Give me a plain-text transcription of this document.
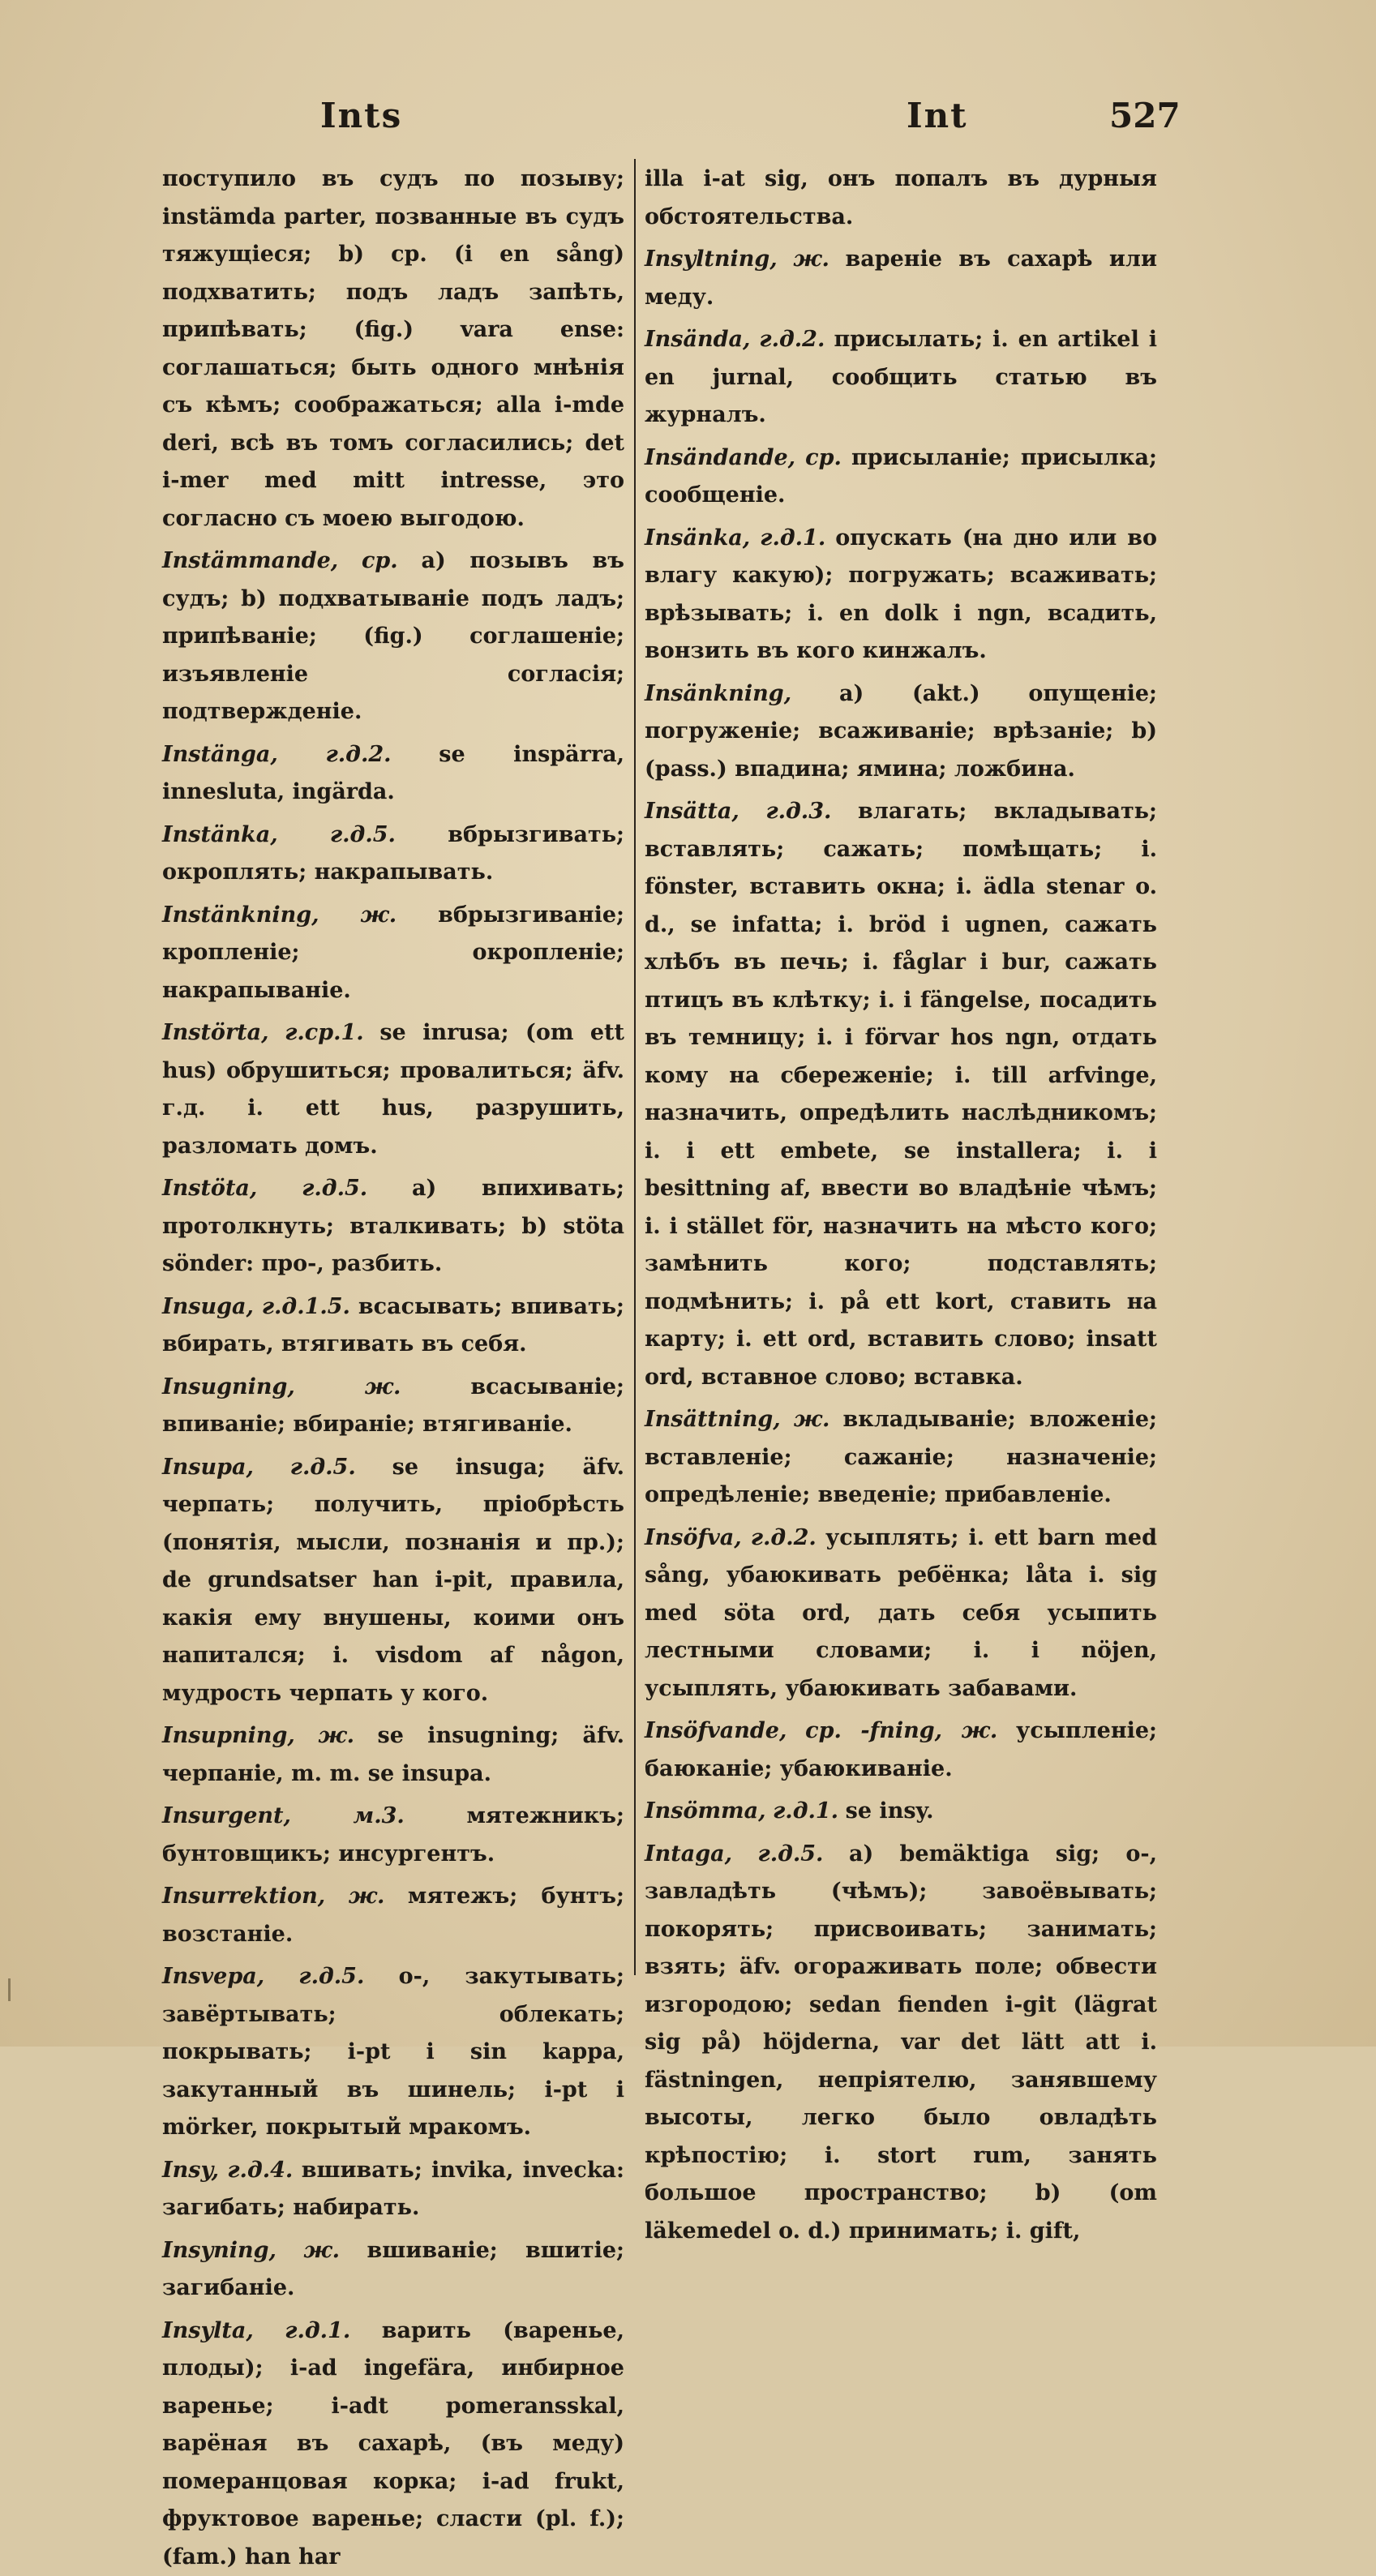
Ints	Int	527
поступило въ судъ по позыву; instämda parter, позванные въ судъ тяжущіеся; b) ср. (i en sång) подхватить; подъ ладъ запѣть, припѣвать; (fig.) vara ense: соглашаться; быть одного мнѣнія съ кѣмъ; соображаться; alla i-mde deri, всѣ въ томъ согласились; det i-mer med mitt intresse, это согласно съ моею выгодою.
Instämmande, ср. а) позывъ въ судъ; b) подхватываніе подъ ладъ; припѣваніе; (fig.) соглашеніе; изъявленіе согласія; подтвержденіе.
Instänga, г.д.2. se inspärra, innesluta, ingärda.
Instänka, г.д.5. вбрызгивать; окроплять; накрапывать.
Instänkning, ж. вбрызгиваніе; кропленіе; окропленіе; накрапываніе.
Instörta, г.ср.1. se inrusa; (om ett hus) обрушиться; провалиться; äfv. г.д. i. ett hus, разрушить, разломать домъ.
Instöta, г.д.5. а) впихивать; протолкнуть; вталкивать; b) stöta sönder: про-, разбить.
Insuga, г.д.1.5. всасывать; впивать; вбирать, втягивать въ себя.
Insugning,	ж.	всасываніе; впиваніе; вбираніе; втягиваніе.
Insupa, г.д.5. se insuga; äfv. черпать; получить, пріобрѣсть (понятія, мысли, познанія и пр.); de grundsatser han i-pit, правила, какія ему внушены, коими онъ напитался; i. visdom af någon, мудрость черпать у кого.
Insupning, ж. se insugning; äfv. черпаніе, m. m. se insupa.
Insurgent,	м.3.	мятежникъ; бунтовщикъ; инсургентъ.
Insurrektion, ж. мятежъ; бунтъ; возстаніе.
Insvepa, г.д.5. о-, закутывать; завёртывать; облекать; покрывать; i-pt i sin kappa, закутанный въ шинель; i-pt i mörker, покрытый мракомъ.
Insy, г.д.4. вшивать; invika, invecka: загибать; набирать.
Insyning, ж. вшиваніе; вшитіе; загибаніе.
Insylta, г.д.1. варить (варенье, плоды); i-ad ingefära, инбирное варенье; i-adt pomeransskal, варёная въ сахарѣ, (въ меду) померанцовая корка; i-ad frukt, фруктовое варенье; сласти (pl. f.); (fam.) han har
illa i-at sig, онъ попалъ въ дурныя обстоятельства.
Insyltning, ж. вареніе въ сахарѣ или меду.
Insända, г.д.2. присылать; i. en artikel i en jurnal, сообщить статью въ журналъ.
Insändande, ср. присыланіе; присылка; сообщеніе.
Insänka, г.д.1. опускать (на дно или во влагу какую); погружать; всаживать; врѣзывать; i. en dolk i ngn, всадить, вонзить въ кого кинжалъ.
Insänkning, а) (akt.) опущеніе; погруженіе; всаживаніе; врѣзаніе; b) (pass.) впадина; ямина; ложбина.
Insätta, г.д.3. влагать; вкладывать; вставлять; сажать; помѣщать; i. fönster, вставить окна; i. ädla stenar o. d., se infatta; i. bröd i ugnen, сажать хлѣбъ въ печь; i. fåglar i bur, сажать птицъ въ клѣтку; i. i fängelse, посадить въ темницу; i. i förvar hos ngn, отдать кому на сбереженіе; i. till arfvinge, назначить, опредѣлить наслѣдникомъ; i. i ett embete, se installera; i. i besittning af, ввести во владѣніе чѣмъ; i. i stället för, назначить на мѣсто кого; замѣнить кого; подставлять; подмѣнить; i. på ett kort, ставить на карту; i. ett ord, вставить слово; insatt ord, вставное слово; вставка.
Insättning, ж. вкладываніе; вложеніе; вставленіе; сажаніе; назначеніе; опредѣленіе; введеніе; прибавленіе.
Insöfva, г.д.2. усыплять; i. ett barn med sång, убаюкивать ребёнка; låta i. sig med söta ord, дать себя усыпить лестными словами; i. i nöjen, усыплять, убаюкивать забавами.
Insöfvande, ср. -fning, ж. усыпленіе; баюканіе; убаюкиваніе.
Insömma, г.д.1. se insy.
Intaga, г.д.5. а) bemäktiga sig; о-, завладѣть (чѣмъ); завоёвывать; покорять; присвоивать; занимать; взять; äfv. огораживать поле; обвести изгородою; sedan fienden i-git (lägrat sig på) höjderna, var det lätt att i. fästningen, непріятелю, занявшему высоты, легко было овладѣть крѣпостію; i. stort rum, занять большое пространство; b) (om läkemedel o. d.) принимать; i. gift,
